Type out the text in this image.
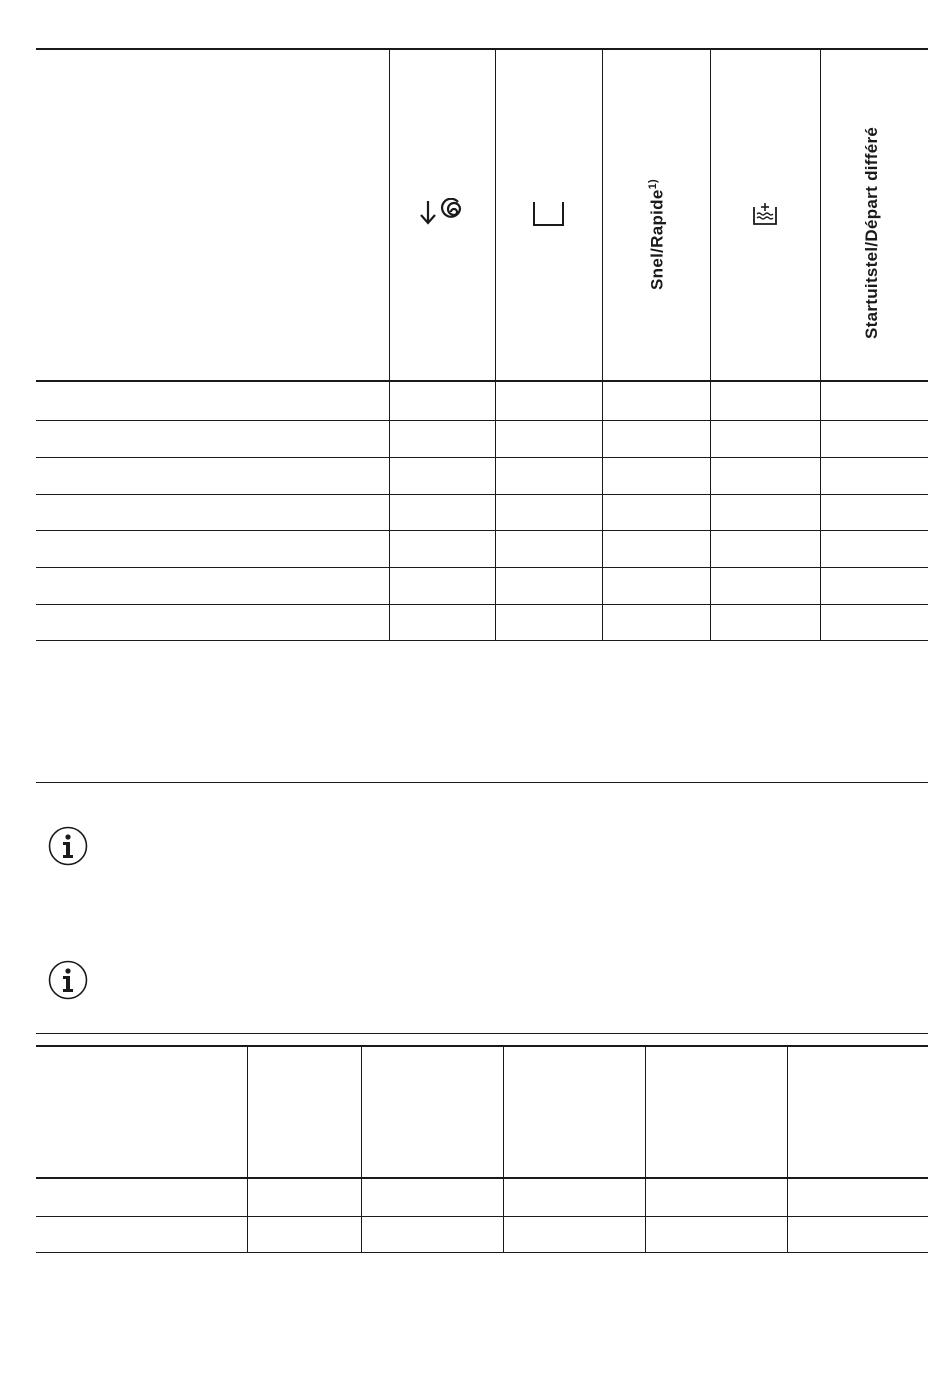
Snel/Rapide$^{1)}$	Startuitstel/Départ différé
